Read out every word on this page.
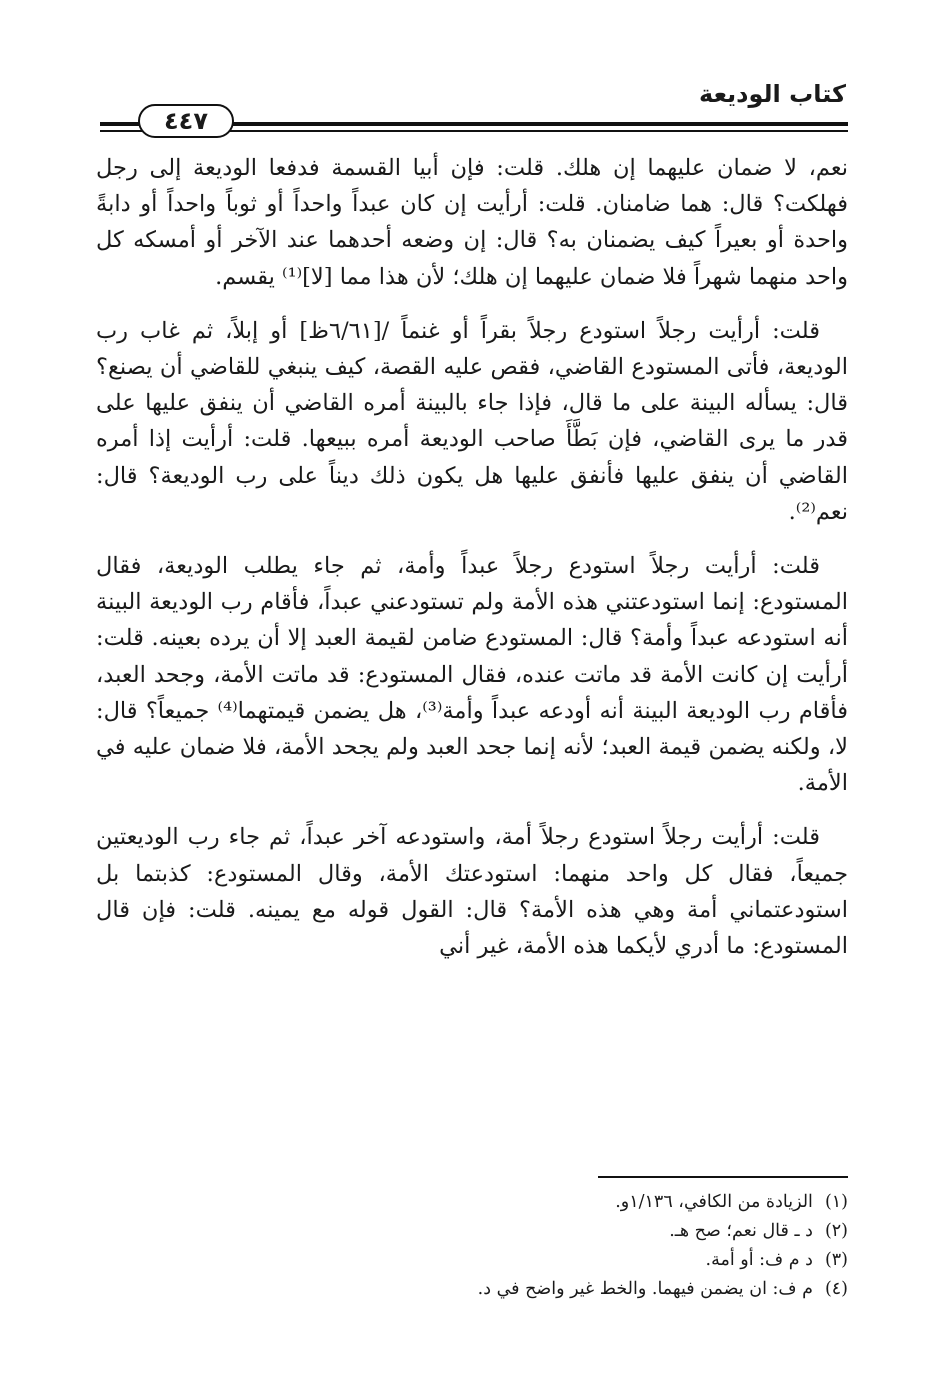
كتاب الوديعة
٤٤٧

نعم، لا ضمان عليهما إن هلك. قلت: فإن أبيا القسمة فدفعا الوديعة إلى رجل فهلكت؟ قال: هما ضامنان. قلت: أرأيت إن كان عبداً واحداً أو ثوباً واحداً أو دابةً واحدة أو بعيراً كيف يضمنان به؟ قال: إن وضعه أحدهما عند الآخر أو أمسكه كل واحد منهما شهراً فلا ضمان عليهما إن هلك؛ لأن هذا مما [لا]⁽¹⁾ يقسم.

قلت: أرأيت رجلاً استودع رجلاً بقراً أو غنماً /[٦/٦١ظ] أو إبلاً، ثم غاب رب الوديعة، فأتى المستودع القاضي، فقص عليه القصة، كيف ينبغي للقاضي أن يصنع؟ قال: يسأله البينة على ما قال، فإذا جاء بالبينة أمره القاضي أن ينفق عليها على قدر ما يرى القاضي، فإن بَطَّأَ صاحب الوديعة أمره ببيعها. قلت: أرأيت إذا أمره القاضي أن ينفق عليها فأنفق عليها هل يكون ذلك ديناً على رب الوديعة؟ قال: نعم⁽²⁾.

قلت: أرأيت رجلاً استودع رجلاً عبداً وأمة، ثم جاء يطلب الوديعة، فقال المستودع: إنما استودعتني هذه الأمة ولم تستودعني عبداً، فأقام رب الوديعة البينة أنه استودعه عبداً وأمة؟ قال: المستودع ضامن لقيمة العبد إلا أن يرده بعينه. قلت: أرأيت إن كانت الأمة قد ماتت عنده، فقال المستودع: قد ماتت الأمة، وجحد العبد، فأقام رب الوديعة البينة أنه أودعه عبداً وأمة⁽³⁾، هل يضمن قيمتهما⁽⁴⁾ جميعاً؟ قال: لا، ولكنه يضمن قيمة العبد؛ لأنه إنما جحد العبد ولم يجحد الأمة، فلا ضمان عليه في الأمة.

قلت: أرأيت رجلاً استودع رجلاً أمة، واستودعه آخر عبداً، ثم جاء رب الوديعتين جميعاً، فقال كل واحد منهما: استودعتك الأمة، وقال المستودع: كذبتما بل استودعتماني أمة وهي هذه الأمة؟ قال: القول قوله مع يمينه. قلت: فإن قال المستودع: ما أدري لأيكما هذه الأمة، غير أني

(١)الزيادة من الكافي، ١/١٣٦و.
(٢)د ـ قال نعم؛ صح هـ.
(٣)د م ف: أو أمة.
(٤)م ف: ان يضمن فيهما. والخط غير واضح في د.
